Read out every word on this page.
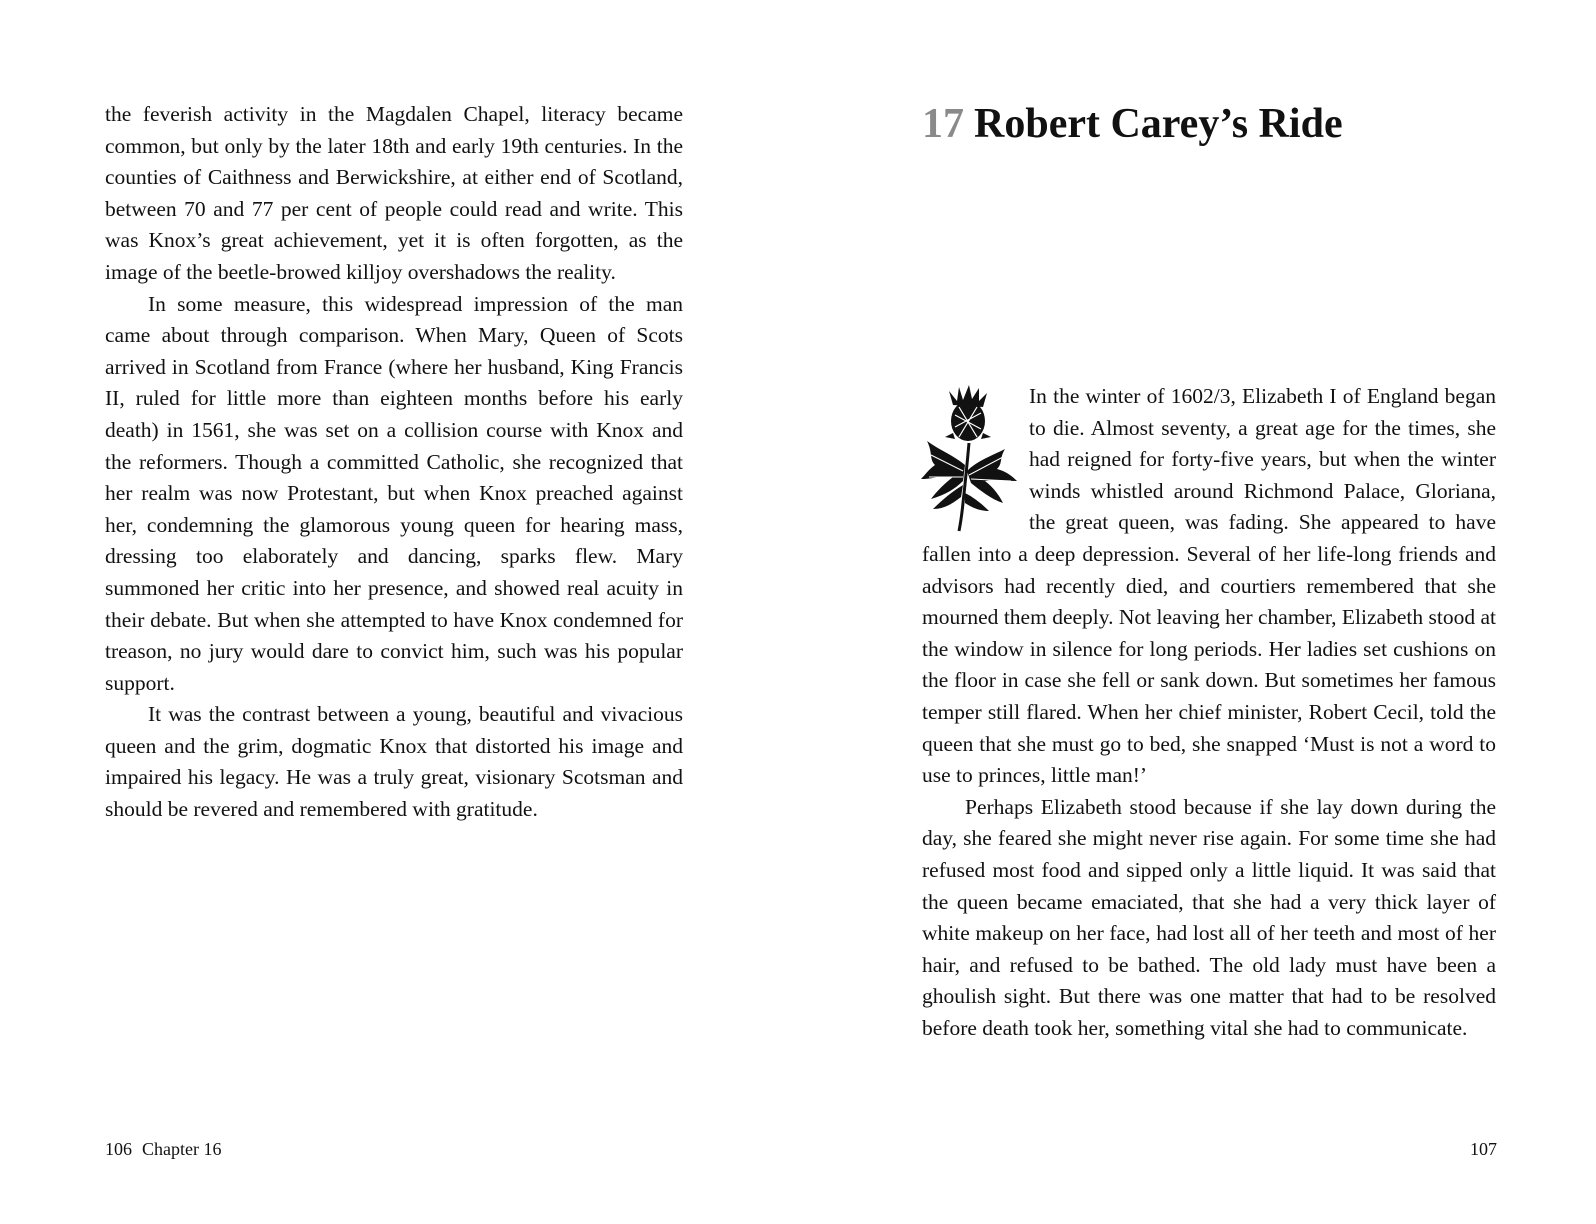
the feverish activity in the Magdalen Chapel, literacy became common, but only by the later 18th and early 19th centuries. In the counties of Caithness and Berwickshire, at either end of Scotland, between 70 and 77 per cent of people could read and write. This was Knox’s great achievement, yet it is often forgotten, as the image of the beetle-browed killjoy overshadows the reality.

In some measure, this widespread impression of the man came about through comparison. When Mary, Queen of Scots arrived in Scotland from France (where her husband, King Francis II, ruled for little more than eighteen months before his early death) in 1561, she was set on a collision course with Knox and the reformers. Though a committed Catholic, she recognized that her realm was now Protestant, but when Knox preached against her, condemning the glamorous young queen for hearing mass, dressing too elaborately and dancing, sparks flew. Mary summoned her critic into her presence, and showed real acuity in their debate. But when she attempted to have Knox condemned for treason, no jury would dare to convict him, such was his popular support.

It was the contrast between a young, beautiful and vivacious queen and the grim, dogmatic Knox that distorted his image and impaired his legacy. He was a truly great, visionary Scotsman and should be revered and remembered with gratitude.

106 Chapter 16
17 Robert Carey’s Ride

In the winter of 1602/3, Elizabeth I of England began to die. Almost seventy, a great age for the times, she had reigned for forty-five years, but when the winter winds whistled around Richmond Palace, Gloriana, the great queen, was fading. She appeared to have fallen into a deep depression. Several of her life-long friends and advisors had recently died, and courtiers remembered that she mourned them deeply. Not leaving her chamber, Elizabeth stood at the window in silence for long periods. Her ladies set cushions on the floor in case she fell or sank down. But sometimes her famous temper still flared. When her chief minister, Robert Cecil, told the queen that she must go to bed, she snapped ‘Must is not a word to use to princes, little man!’

Perhaps Elizabeth stood because if she lay down during the day, she feared she might never rise again. For some time she had refused most food and sipped only a little liquid. It was said that the queen became emaciated, that she had a very thick layer of white makeup on her face, had lost all of her teeth and most of her hair, and refused to be bathed. The old lady must have been a ghoulish sight. But there was one matter that had to be resolved before death took her, something vital she had to communicate.

107
